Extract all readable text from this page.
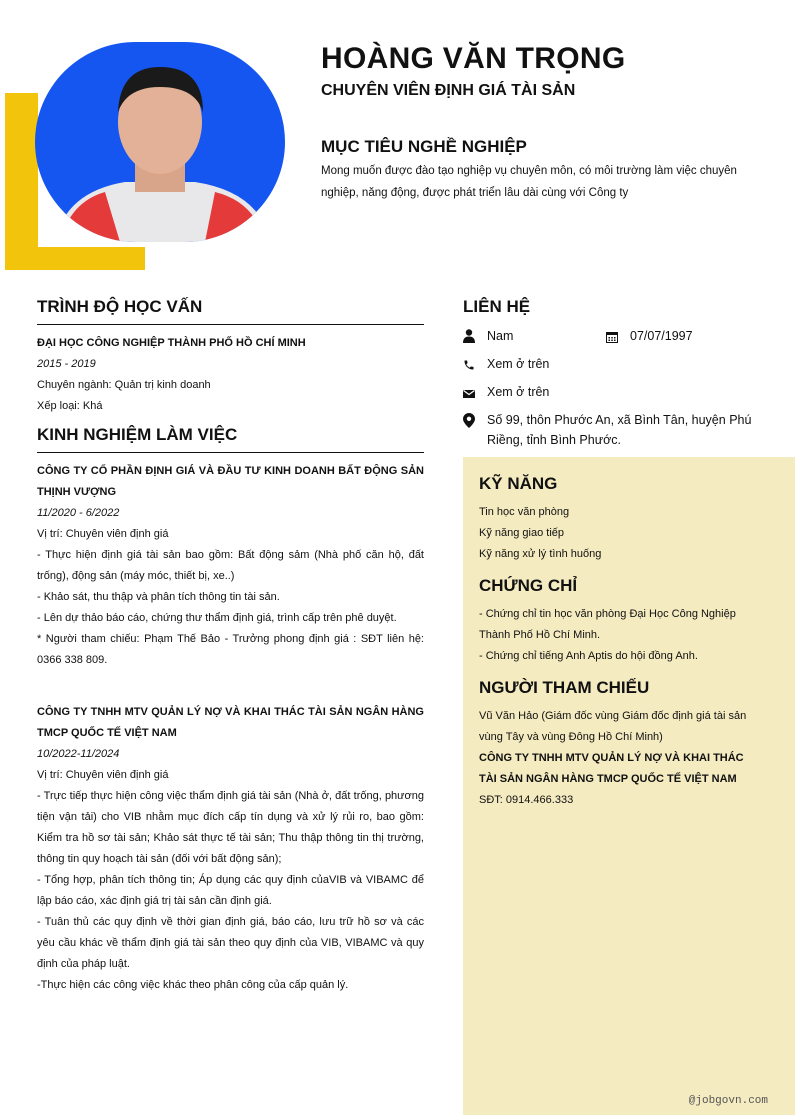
HOÀNG VĂN TRỌNG
CHUYÊN VIÊN ĐỊNH GIÁ TÀI SẢN
MỤC TIÊU NGHỀ NGHIỆP
Mong muốn được đào tạo nghiệp vụ chuyên môn, có môi trường làm việc chuyên nghiệp, năng động, được phát triển lâu dài cùng với Công ty
TRÌNH ĐỘ HỌC VẤN
ĐẠI HỌC CÔNG NGHIỆP THÀNH PHỐ HỒ CHÍ MINH
2015 - 2019
Chuyên ngành: Quản trị kinh doanh
Xếp loại: Khá
KINH NGHIỆM LÀM VIỆC
CÔNG TY CỔ PHẦN ĐỊNH GIÁ VÀ ĐẦU TƯ KINH DOANH BẤT ĐỘNG SẢN THỊNH VƯỢNG
11/2020 - 6/2022
Vị trí: Chuyên viên định giá
- Thực hiện định giá tài sản bao gồm: Bất động sảm (Nhà phố căn hộ, đất trống), động sản (máy móc, thiết bị, xe..)
- Khảo sát, thu thập và phân tích thông tin tài sản.
- Lên dự thảo báo cáo, chứng thư thẩm định giá, trình cấp trên phê duyệt.
* Người tham chiếu: Phạm Thế Bảo - Trưởng phong định giá : SĐT liên hệ: 0366 338 809.
CÔNG TY TNHH MTV QUẢN LÝ NỢ VÀ KHAI THÁC TÀI SẢN NGÂN HÀNG TMCP QUỐC TẾ VIỆT NAM
10/2022-11/2024
Vị trí: Chuyên viên định giá
- Trực tiếp thực hiện công việc thẩm định giá tài sản (Nhà ở, đất trống, phương tiện vận tải) cho VIB nhằm mục đích cấp tín dụng và xử lý rủi ro, bao gồm: Kiểm tra hồ sơ tài sản; Khảo sát thực tế tài sản; Thu thập thông tin thị trường, thông tin quy hoạch tài sản (đối với bất động sản);
- Tổng hợp, phân tích thông tin; Áp dụng các quy định củaVIB và VIBAMC để lập báo cáo, xác định giá trị tài sản cần định giá.
- Tuân thủ các quy định về thời gian định giá, báo cáo, lưu trữ hồ sơ và các yêu cầu khác về thẩm định giá tài sản theo quy định của VIB, VIBAMC và quy định của pháp luật.
-Thực hiện các công việc khác theo phân công của cấp quản lý.
LIÊN HỆ
Nam	07/07/1997
Xem ở trên
Xem ở trên
Số 99, thôn Phước An, xã Bình Tân, huyện Phú Riềng, tỉnh Bình Phước.
KỸ NĂNG
Tin học văn phòng
Kỹ năng giao tiếp
Kỹ năng xử lý tình huống
CHỨNG CHỈ
- Chứng chỉ tin học văn phòng Đại Học Công Nghiệp Thành Phố Hồ Chí Minh.
- Chứng chỉ tiếng Anh Aptis do hội đồng Anh.
NGƯỜI THAM CHIẾU
Vũ Văn Hảo (Giám đốc vùng Giám đốc định giá tài sản vùng Tây và vùng Đông Hồ Chí Minh)
CÔNG TY TNHH MTV QUẢN LÝ NỢ VÀ KHAI THÁC TÀI SẢN NGÂN HÀNG TMCP QUỐC TẾ VIỆT NAM
SĐT: 0914.466.333
@jobgovn.com
